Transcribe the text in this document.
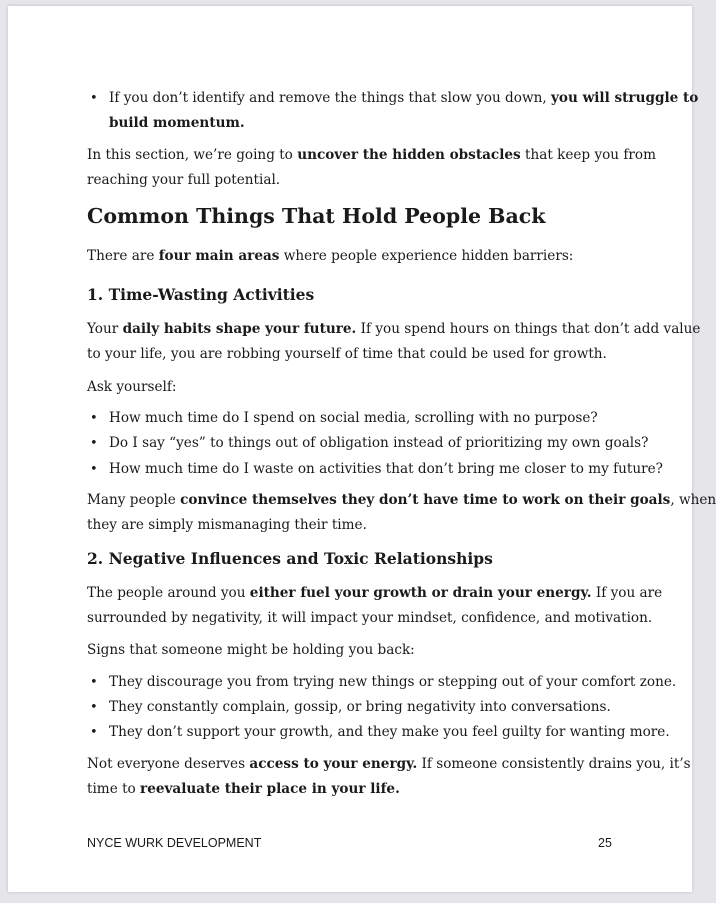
• If you don’t identify and remove the things that slow you down, you will struggle to
build momentum.

In this section, we’re going to uncover the hidden obstacles that keep you from

reaching your full potential.

Common Things That Hold People Back

There are four main areas where people experience hidden barriers:

1. Time-Wasting Activities

Your daily habits shape your future. If you spend hours on things that don’t add value

to your life, you are robbing yourself of time that could be used for growth.

Ask yourself:

• How much time do I spend on social media, scrolling with no purpose?
• Do I say “yes” to things out of obligation instead of prioritizing my own goals?
• How much time do I waste on activities that don’t bring me closer to my future?

Many people convince themselves they don’t have time to work on their goals, when

they are simply mismanaging their time.

2. Negative Influences and Toxic Relationships

The people around you either fuel your growth or drain your energy. If you are

surrounded by negativity, it will impact your mindset, confidence, and motivation.

Signs that someone might be holding you back:

• They discourage you from trying new things or stepping out of your comfort zone.
• They constantly complain, gossip, or bring negativity into conversations.
• They don’t support your growth, and they make you feel guilty for wanting more.

Not everyone deserves access to your energy. If someone consistently drains you, it’s

time to reevaluate their place in your life.

NYCE WURK DEVELOPMENT	25
